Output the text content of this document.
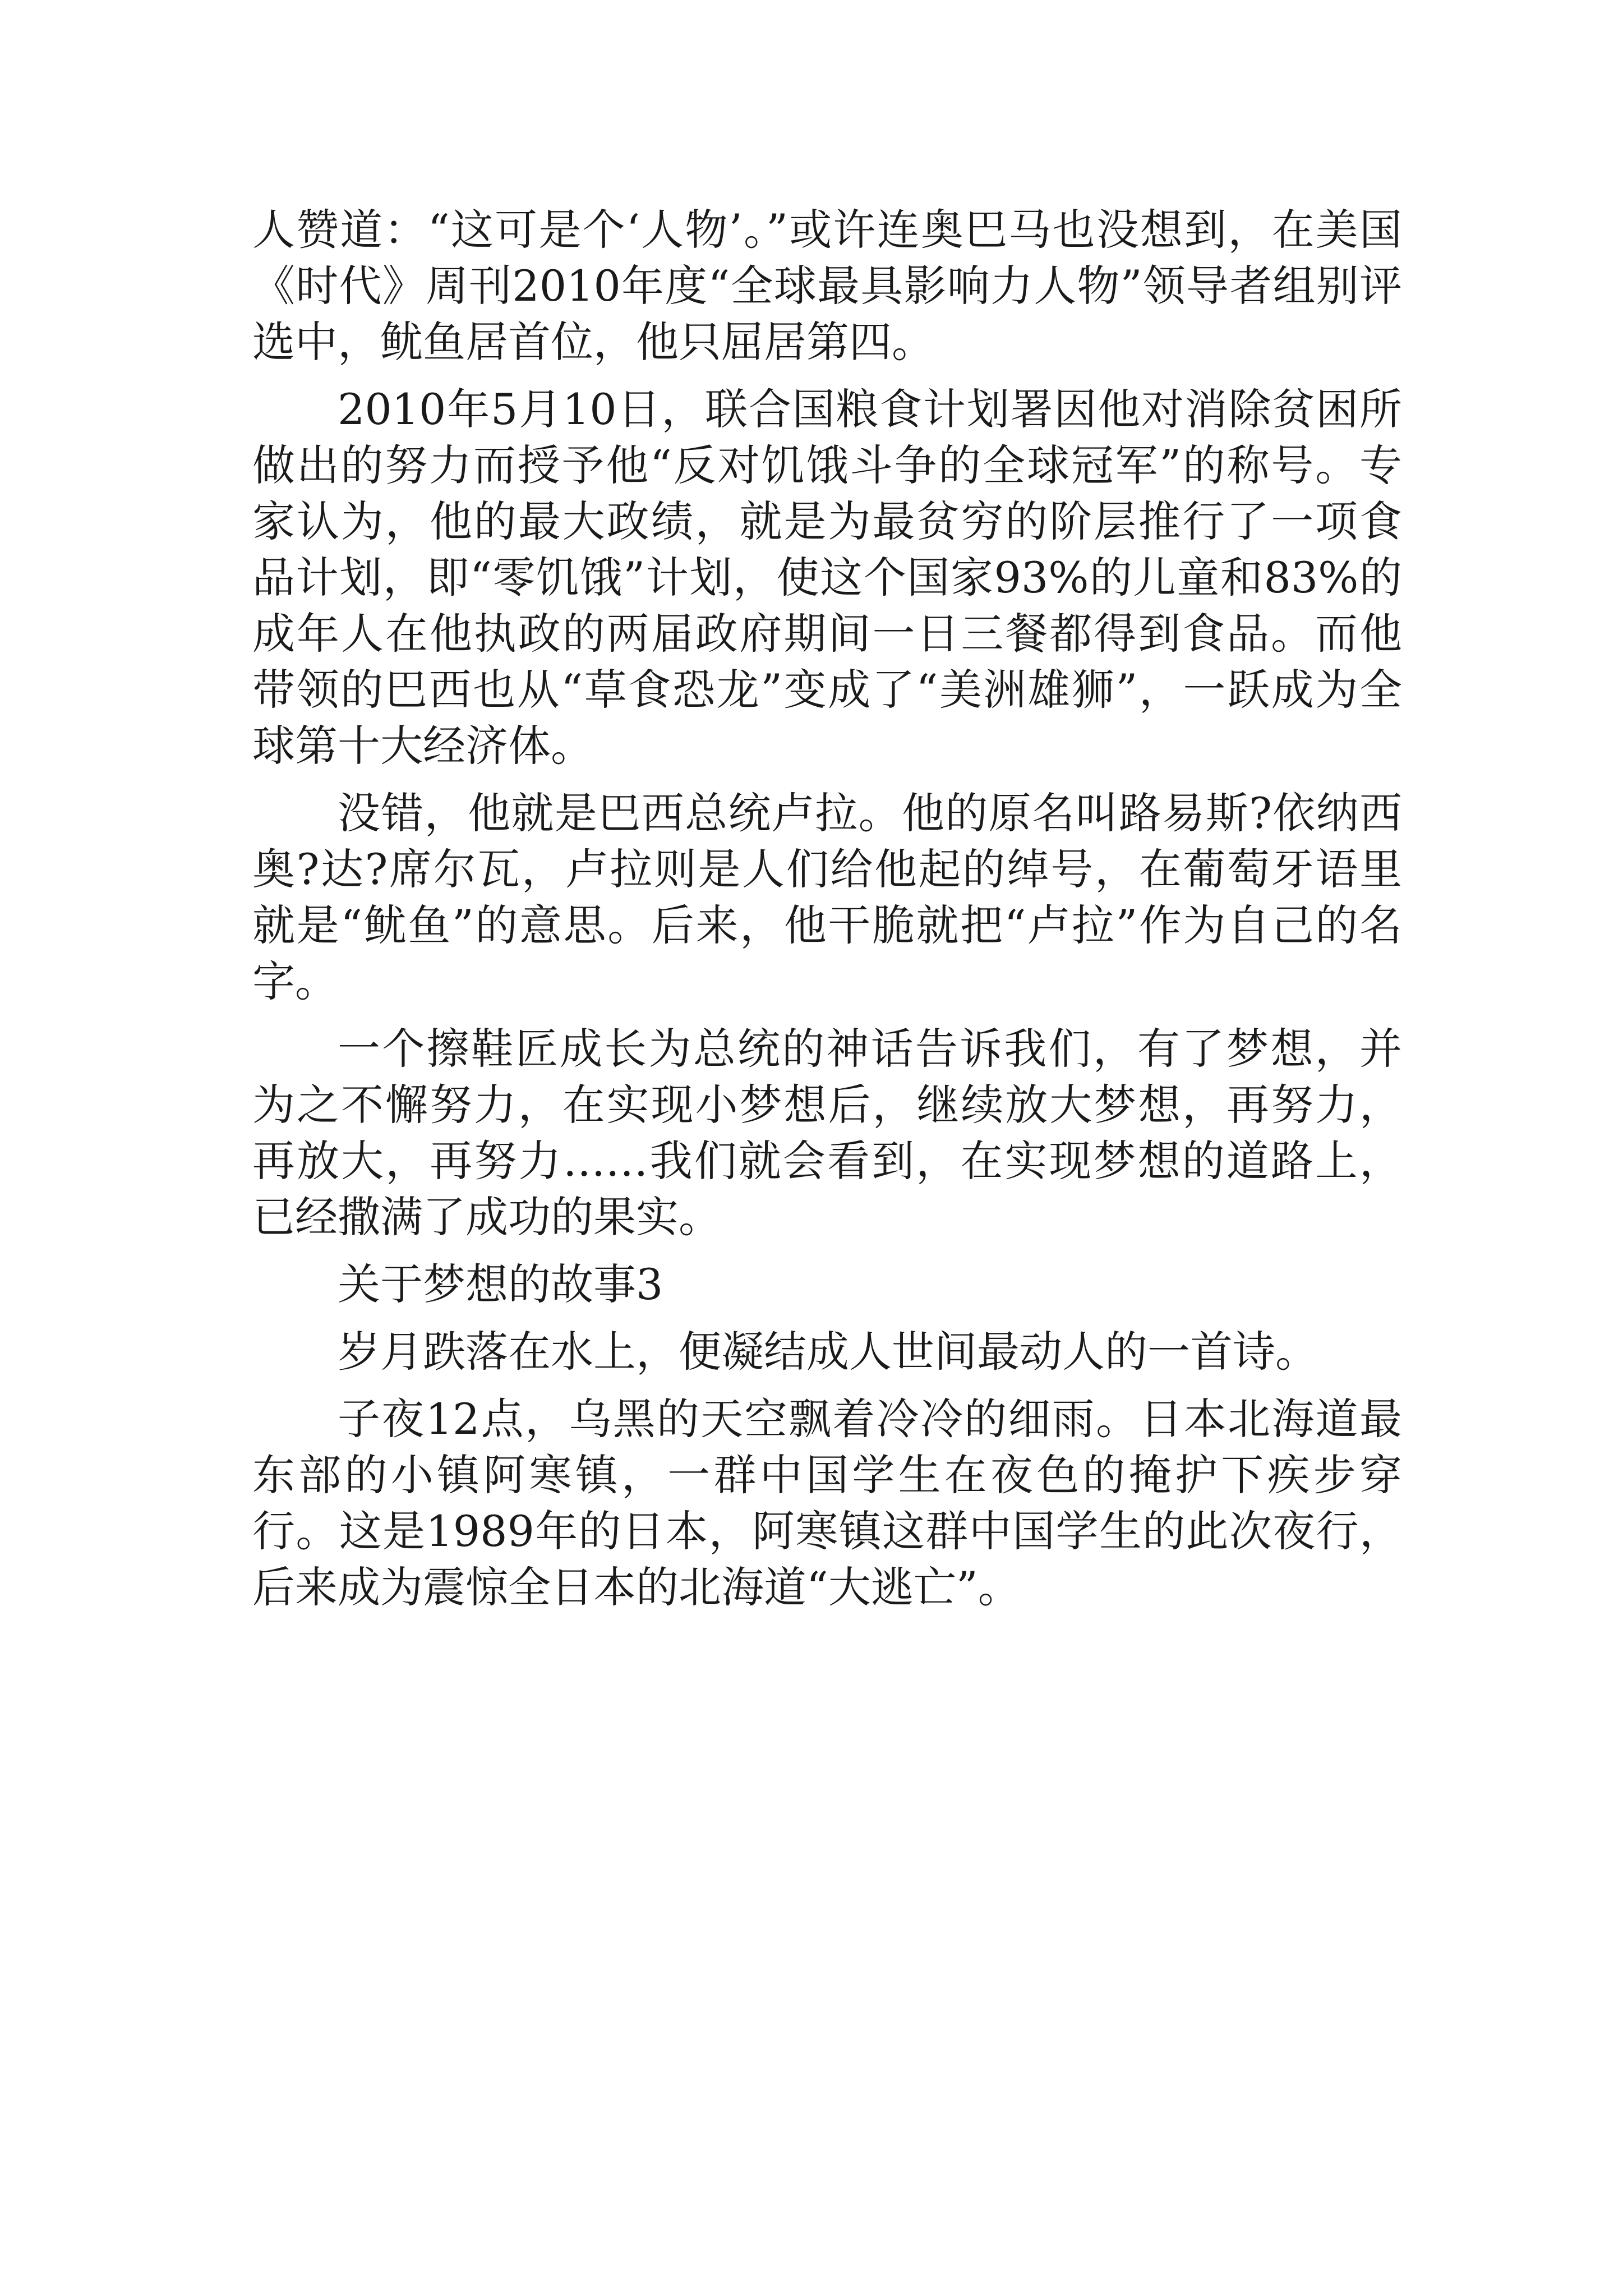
人赞道：“这可是个‘人物’。”或许连奥巴马也没想到，在美国《时代》周刊2010年度“全球最具影响力人物”领导者组别评选中，鱿鱼居首位，他只屈居第四。

2010年5月10日，联合国粮食计划署因他对消除贫困所做出的努力而授予他“反对饥饿斗争的全球冠军”的称号。专家认为，他的最大政绩，就是为最贫穷的阶层推行了一项食品计划，即“零饥饿”计划，使这个国家93%的儿童和83%的成年人在他执政的两届政府期间一日三餐都得到食品。而他带领的巴西也从“草食恐龙”变成了“美洲雄狮”，一跃成为全球第十大经济体。

没错，他就是巴西总统卢拉。他的原名叫路易斯?依纳西奥?达?席尔瓦，卢拉则是人们给他起的绰号，在葡萄牙语里就是“鱿鱼”的意思。后来，他干脆就把“卢拉”作为自己的名字。

一个擦鞋匠成长为总统的神话告诉我们，有了梦想，并为之不懈努力，在实现小梦想后，继续放大梦想，再努力，再放大，再努力……我们就会看到，在实现梦想的道路上，已经撒满了成功的果实。

关于梦想的故事3

岁月跌落在水上，便凝结成人世间最动人的一首诗。

子夜12点，乌黑的天空飘着冷冷的细雨。日本北海道最东部的小镇阿寒镇，一群中国学生在夜色的掩护下疾步穿行。这是1989年的日本，阿寒镇这群中国学生的此次夜行，后来成为震惊全日本的北海道“大逃亡”。
